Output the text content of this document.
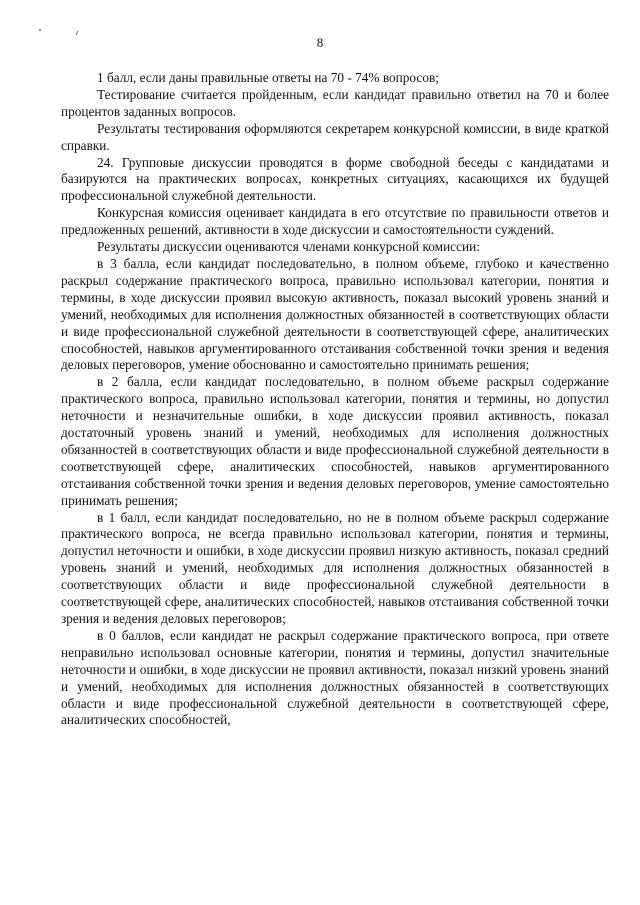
8

1 балл, если даны правильные ответы на 70 - 74% вопросов;

Тестирование считается пройденным, если кандидат правильно ответил на 70 и более процентов заданных вопросов.

Результаты тестирования оформляются секретарем конкурсной комиссии, в виде краткой справки.

24. Групповые дискуссии проводятся в форме свободной беседы с кандидатами и базируются на практических вопросах, конкретных ситуациях, касающихся их будущей профессиональной служебной деятельности.

Конкурсная комиссия оценивает кандидата в его отсутствие по правильности ответов и предложенных решений, активности в ходе дискуссии и самостоятельности суждений.

Результаты дискуссии оцениваются членами конкурсной комиссии:

в 3 балла, если кандидат последовательно, в полном объеме, глубоко и качественно раскрыл содержание практического вопроса, правильно использовал категории, понятия и термины, в ходе дискуссии проявил высокую активность, показал высокий уровень знаний и умений, необходимых для исполнения должностных обязанностей в соответствующих области и виде профессиональной служебной деятельности в соответствующей сфере, аналитических способностей, навыков аргументированного отстаивания собственной точки зрения и ведения деловых переговоров, умение обоснованно и самостоятельно принимать решения;

в 2 балла, если кандидат последовательно, в полном объеме раскрыл содержание практического вопроса, правильно использовал категории, понятия и термины, но допустил неточности и незначительные ошибки, в ходе дискуссии проявил активность, показал достаточный уровень знаний и умений, необходимых для исполнения должностных обязанностей в соответствующих области и виде профессиональной служебной деятельности в соответствующей сфере, аналитических способностей, навыков аргументированного отстаивания собственной точки зрения и ведения деловых переговоров, умение самостоятельно принимать решения;

в 1 балл, если кандидат последовательно, но не в полном объеме раскрыл содержание практического вопроса, не всегда правильно использовал категории, понятия и термины, допустил неточности и ошибки, в ходе дискуссии проявил низкую активность, показал средний уровень знаний и умений, необходимых для исполнения должностных обязанностей в соответствующих области и виде профессиональной служебной деятельности в соответствующей сфере, аналитических способностей, навыков отстаивания собственной точки зрения и ведения деловых переговоров;

в 0 баллов, если кандидат не раскрыл содержание практического вопроса, при ответе неправильно использовал основные категории, понятия и термины, допустил значительные неточности и ошибки, в ходе дискуссии не проявил активности, показал низкий уровень знаний и умений, необходимых для исполнения должностных обязанностей в соответствующих области и виде профессиональной служебной деятельности в соответствующей сфере, аналитических способностей,
